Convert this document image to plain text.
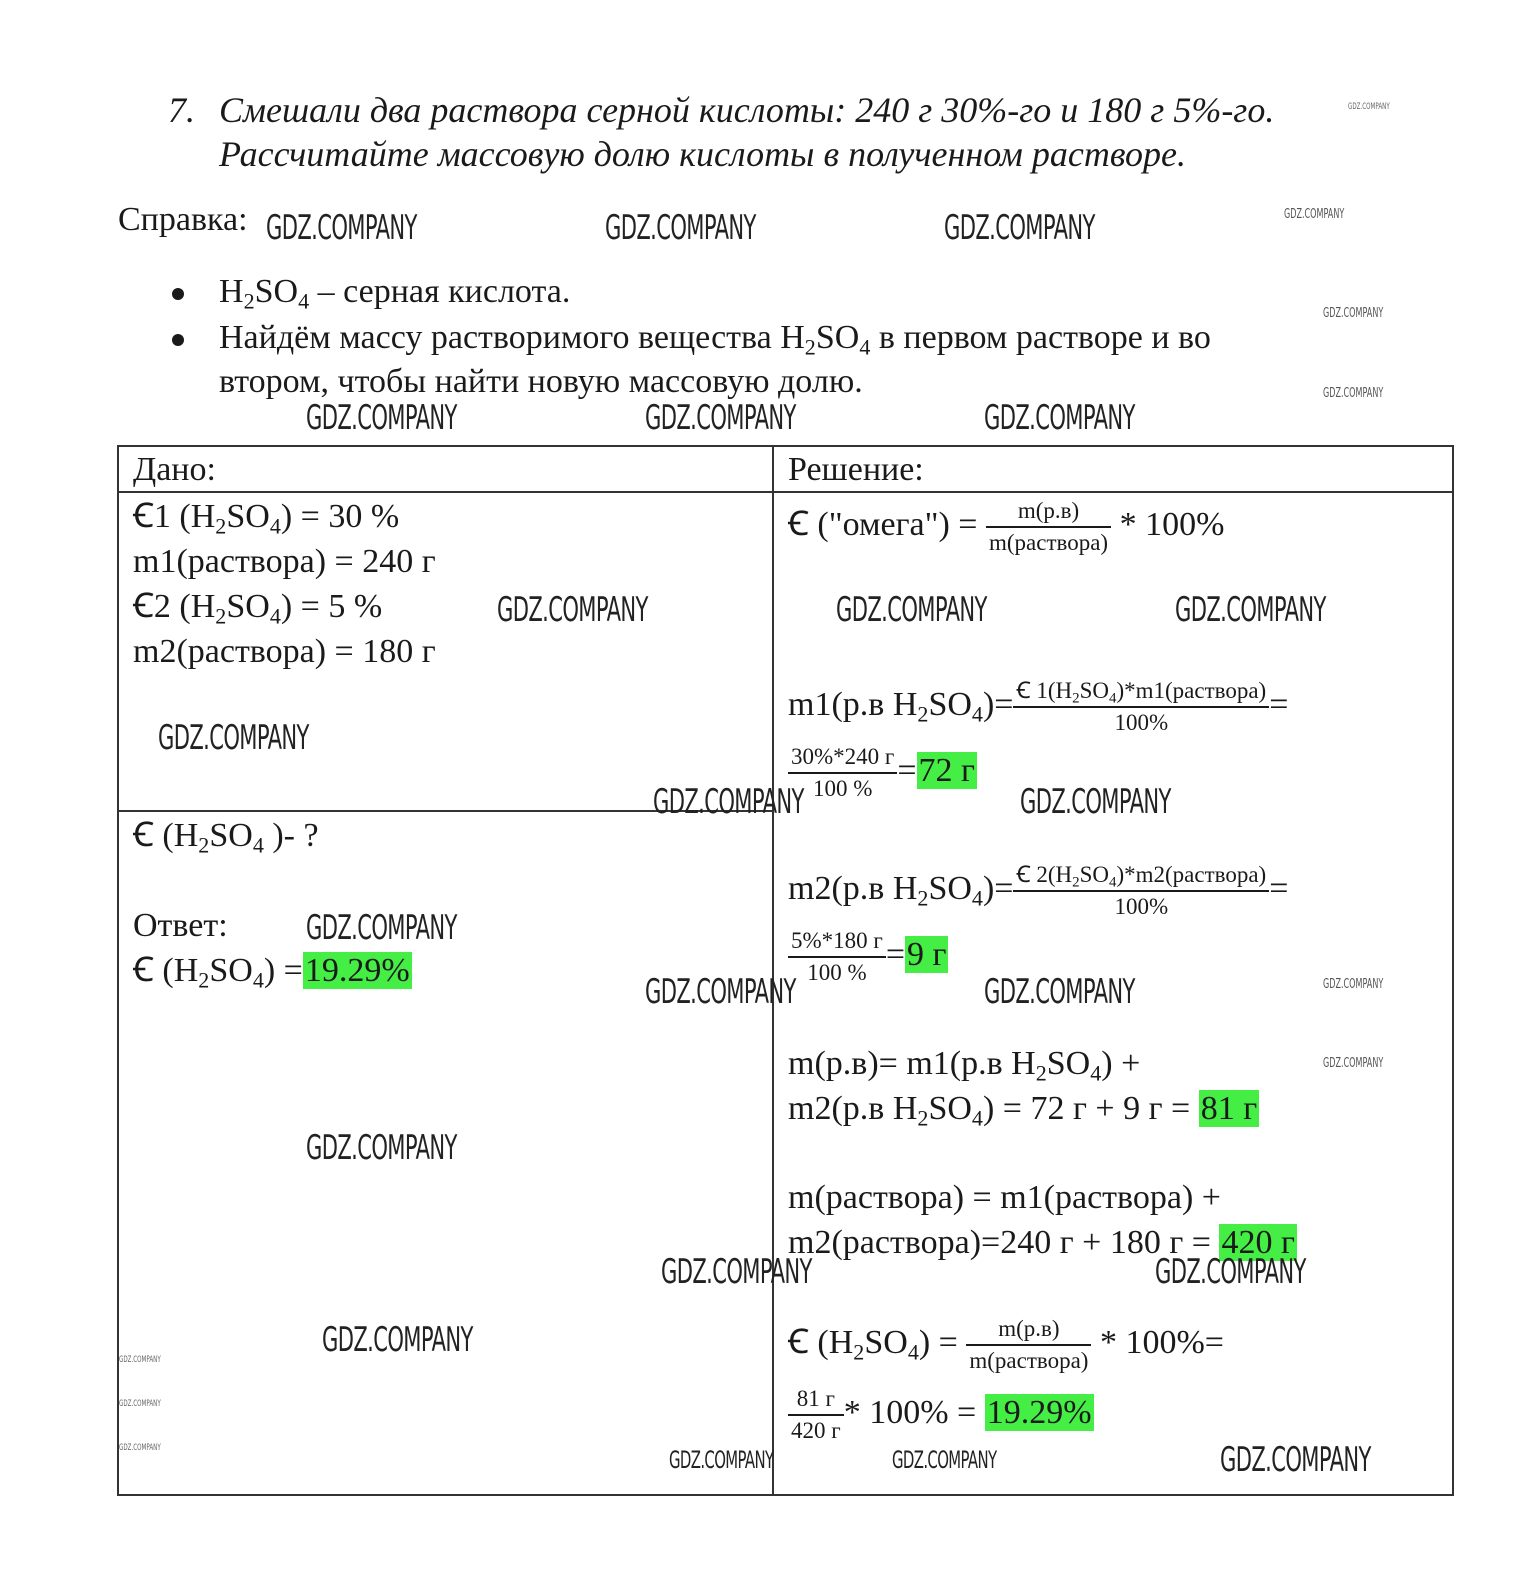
7. Смешали два раствора серной кислоты: 240 г 30%-го и 180 г 5%-го.
Рассчитайте массовую долю кислоты в полученном растворе.
Справка:
$H_2SO_4$ – серная кислота.
Найдём массу растворимого вещества $H_2SO_4$ в первом растворе и во
втором, чтобы найти новую массовую долю.
Дано:	Решение:
Ꞓ1 $(H_2SO_4) = 30$ %
m1(раствора) = 240 г
Ꞓ2 $(H_2SO_4) = 5$ %
m2(раствора) = 180 г
Ꞓ ($H_2SO_4$ )- ?
Ответ:
Ꞓ $(H_2SO_4) =19.29\%$
Ꞓ ("омега") = $\frac{m(р.в)}{\text{m(раствора)}} * 100\%$
m1(р.в $H_2SO_4)= \frac{Ꞓ 1(H_2SO_4)*m1(раствора)}{100\%}$ =
$\frac{30\%*240 г}{100 \%} =72$ г
m2(р.в $H_2SO_4)= \frac{Ꞓ 2(H_2SO_4)*m2(раствора)}{100\%}$ =
$\frac{5\%*180 г}{100 \%} =9$ г
m(р.в)= m1(р.в $H_2SO_4$) +
m2(р.в $H_2SO_4) = 72$ г + 9 г = 81 г
m(раствора) = m1(раствора) +
m2(раствора)=240 г + 180 г = 420 г
Ꞓ $(H_2SO_4) = \frac{m(р.в)}{\text{m(раствора)}} * 100\%=$
$\frac{81 г}{420 г} * 100\% = 19.29\%$
GDZ.COMPANY	GDZ.COMPANY	GDZ.COMPANY	GDZ.COMPANY
GDZ.COMPANY
GDZ.COMPANY
GDZ.COMPANY
GDZ.COMPANY	GDZ.COMPANY	GDZ.COMPANY
GDZ.COMPANY	GDZ.COMPANY	GDZ.COMPANY
GDZ.COMPANY
GDZ.COMPANY	GDZ.COMPANY
GDZ.COMPANY
GDZ.COMPANY	GDZ.COMPANY	GDZ.COMPANY
GDZ.COMPANY
GDZ.COMPANY
GDZ.COMPANY	GDZ.COMPANY
GDZ.COMPANY
GDZ.COMPANY
GDZ.COMPANY
GDZ.COMPANY	GDZ.COMPANY	GDZ.COMPANY	GDZ.COMPANY
